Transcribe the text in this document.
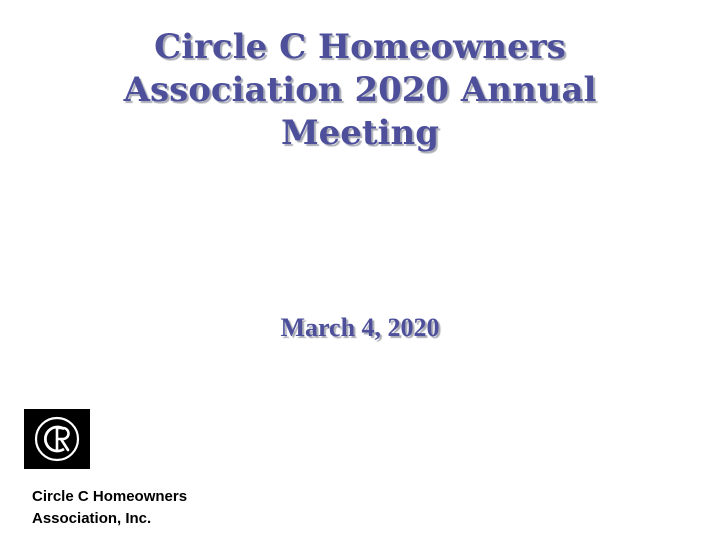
Circle C Homeowners
Association 2020 Annual
Meeting
March 4, 2020
Circle C Homeowners
Association, Inc.
